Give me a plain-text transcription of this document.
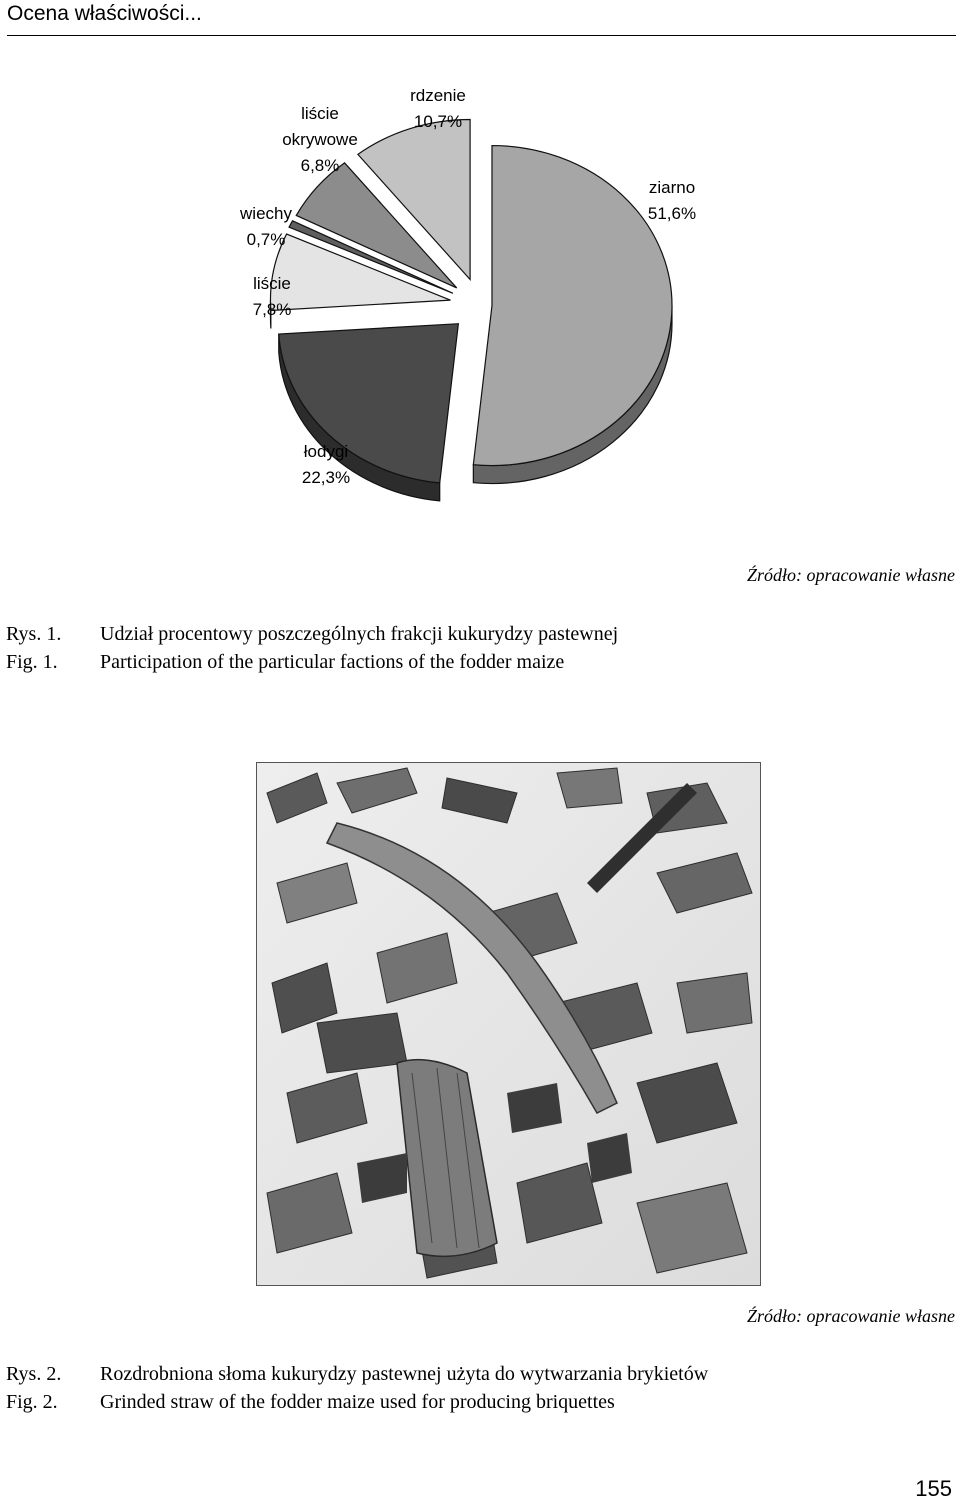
Ocena właściwości...
ziarno 51,6%
łodygi 22,3%
liście 7,8%
wiechy 0,7%
liście okrywowe 6,8%
rdzenie 10,7%
Źródło: opracowanie własne
Rys. 1.	Udział procentowy poszczególnych frakcji kukurydzy pastewnej
Fig. 1.	Participation of the particular factions of the fodder maize
Źródło: opracowanie własne
Rys. 2.	Rozdrobniona słoma kukurydzy pastewnej użyta do wytwarzania brykietów
Fig. 2.	Grinded straw of the fodder maize used for producing briquettes
155
